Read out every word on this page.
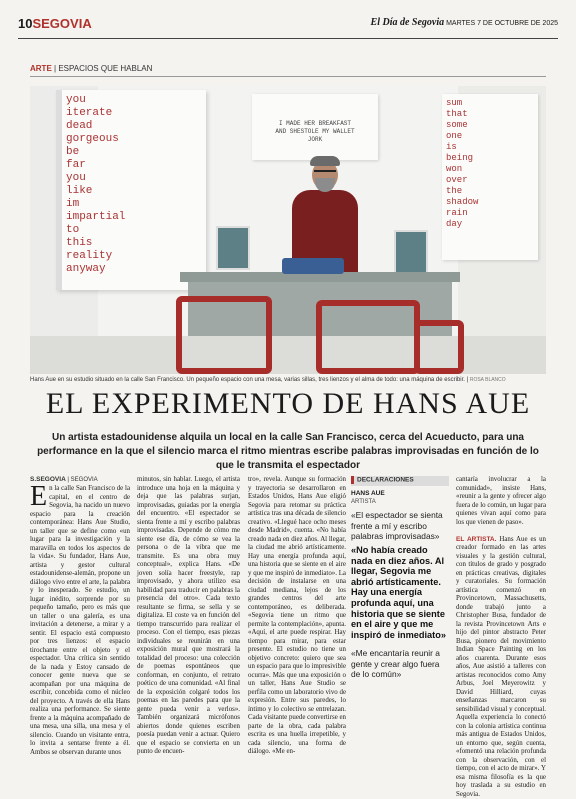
10SEGOVIA	El Día de Segovia MARTES 7 DE OCTUBRE DE 2025
ARTE | ESPACIOS QUE HABLAN
you
iterate
dead
gorgeous
be
far
you
like
im
impartial
to
this
reality
anyway
I MADE HER BREAKFAST
AND SHESTOLE MY WALLET
JORK
sum
that
some
one
is
being
won
over
the
shadow
rain
day
Hans Aue en su estudio situado en la calle San Francisco. Un pequeño espacio con una mesa, varias sillas, tres lienzos y el alma de todo: una máquina de escribir. | ROSA BLANCO
EL EXPERIMENTO DE HANS AUE
Un artista estadounidense alquila un local en la calle San Francisco, cerca del Acueducto, para una performance en la que el silencio marca el ritmo mientras escribe palabras improvisadas en función de lo que le transmita el espectador
S.SEGOVIA | SEGOVIA
En la calle San Francisco de la capital, en el centro de Segovia, ha nacido un nuevo espacio para la creación contemporánea: Hans Aue Studio, un taller que se define como «un lugar para la investigación y la maravilla en todos los aspectos de la vida». Su fundador, Hans Aue, artista y gestor cultural estadounidense-alemán, propone un diálogo vivo entre el arte, la palabra y lo inesperado. Se estudio, un lugar inédito, sorprende por su pequeño tamaño, pero es más que un taller o una galería, es una invitación a detenerse, a mirar y a sentir. El espacio está compuesto por tres lienzos: el espacio tirochante entre el objeto y el espectador. Una crítica sin sentido de la nada y Estoy cansado de conocer gente nueva que se acompañan por una máquina de escribir, concebida como el núcleo del proyecto. A través de ella Hans realiza una performance. Se siente frente a la máquina acompañado de una mesa, una silla, una mesa y el silencio. Cuando un visitante entra, lo invita a sentarse frente a él. Ambos se observan durante unos
minutos, sin hablar. Luego, el artista introduce una hoja en la máquina y deja que las palabras surjan, improvisadas, guiadas por la energía del encuentro. «El espectador se sienta frente a mí y escribo palabras improvisadas. Depende de cómo me siente ese día, de cómo se vea la persona o de la vibra que me transmite. Es una obra muy conceptual», explica Hans. «De joven solía hacer freestyle, rap improvisado, y ahora utilizo esa habilidad para traducir en palabras la presencia del otro». Cada texto resultante se firma, se sella y se digitaliza. El coste va en función del tiempo transcurrido para realizar el proceso. Con el tiempo, esas piezas individuales se reunirán en una exposición mural que mostrará la totalidad del proceso: una colección de poemas espontáneos que conforman, en conjunto, el retrato poético de una comunidad. «Al final de la exposición colgaré todos los poemas en las paredes para que la gente pueda venir a verlos». También organizará micrófonos abiertos donde quienes escriben poesía puedan venir a actuar. Quiero que el espacio se convierta en un punto de encuen-
tro», revela. Aunque su formación y trayectoria se desarrollaron en Estados Unidos, Hans Aue eligió Segovia para retomar su práctica artística tras una década de silencio creativo. «Llegué hace ocho meses desde Madrid», cuenta. «No había creado nada en diez años. Al llegar, la ciudad me abrió artísticamente. Hay una energía profunda aquí, una historia que se siente en el aire y que me inspiró de inmediato». La decisión de instalarse en una ciudad mediana, lejos de los grandes centros del arte contemporáneo, es deliberada. «Segovia tiene un ritmo que permite la contemplación», apunta. «Aquí, el arte puede respirar. Hay tiempo para mirar, para estar presente. El estudio no tiene un objetivo concreto: quiero que sea un espacio para que lo impresivible ocurra». Más que una exposición o un taller, Hans Aue Studio se perfila como un laboratorio vivo de expresión. Entre sus paredes, lo íntimo y lo colectivo se entrelazan. Cada visitante puede convertirse en parte de la obra, cada palabra escrita es una huella irrepetible, y cada silencio, una forma de diálogo. «Me en-
DECLARACIONES
HANS AUE
ARTISTA
«El espectador se sienta frente a mí y escribo palabras improvisadas»
«No había creado nada en diez años. Al llegar, Segovia me abrió artísticamente. Hay una energía profunda aquí, una historia que se siente en el aire y que me inspiró de inmediato»
«Me encantaría reunir a gente y crear algo fuera de lo común»
cantaría involucrar a la comunidad», insiste Hans, «reunir a la gente y ofrecer algo fuera de lo común, un lugar para quienes vivan aquí como para los que vienen de paso».

EL ARTISTA. Hans Aue es un creador formado en las artes visuales y la gestión cultural, con títulos de grado y posgrado en prácticas creativas, digitales y curatoriales. Su formación artística comenzó en Provincetown, Massachusetts, donde trabajó junto a Christopher Busa, fundador de la revista Provincetown Arts e hijo del pintor abstracto Peter Busa, pionero del movimiento Indian Space Painting en los años cuarenta. Durante esos años, Aue asistió a talleres con artistas reconocidos como Amy Arbus, Joel Meyerowitz y David Hilliard, cuyas enseñanzas marcaron su sensibilidad visual y conceptual. Aquella experiencia lo conectó con la colonia artística continua más antigua de Estados Unidos, un entorno que, según cuenta, «fomentó una relación profunda con la observación, con el tiempo, con el acto de mirar». Y esa misma filosofía es la que hoy traslada a su estudio en Segovia.
